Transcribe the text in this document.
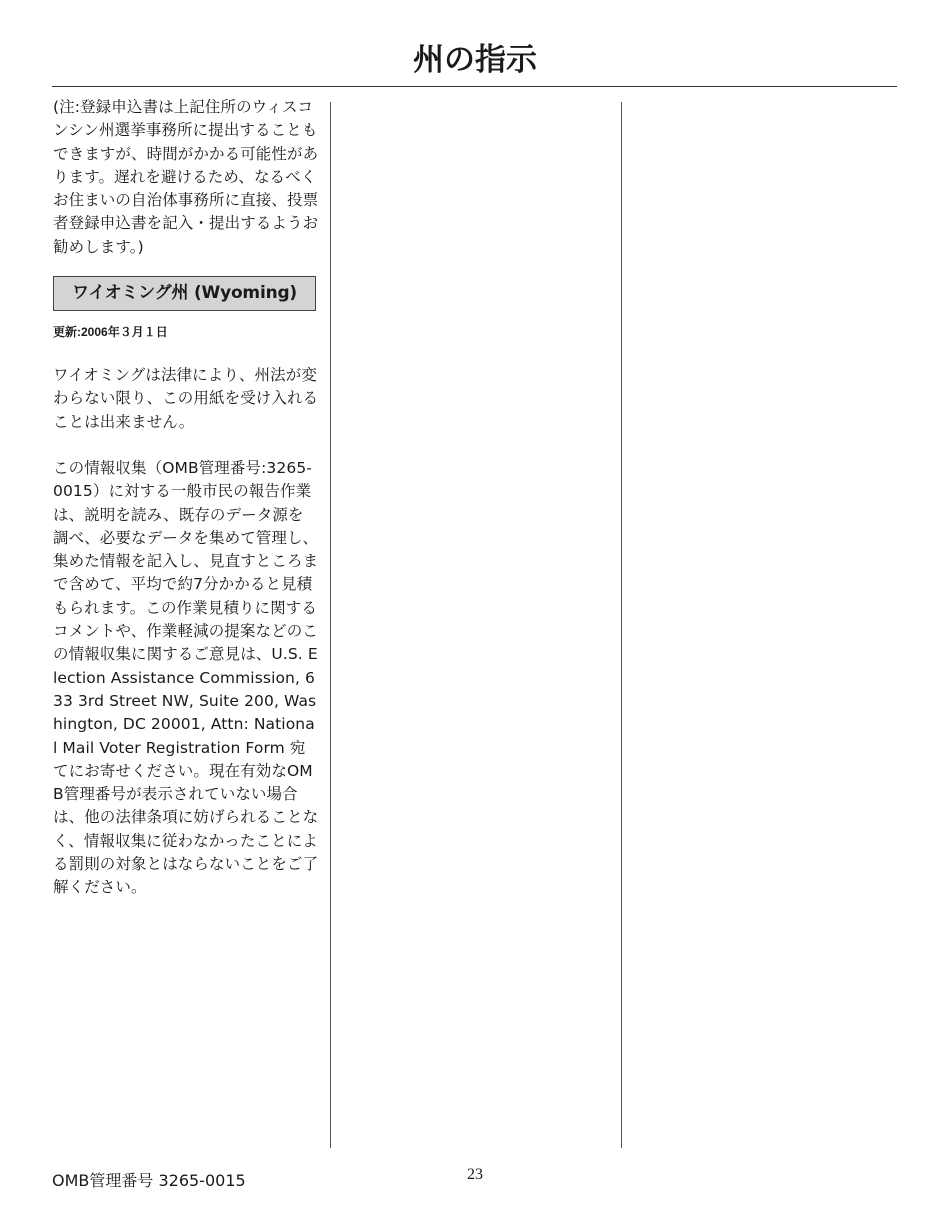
州の指示

(注:登録申込書は上記住所のウィスコンシン州選挙事務所に提出することもできますが、時間がかかる可能性があります。遅れを避けるため、なるべくお住まいの自治体事務所に直接、投票者登録申込書を記入・提出するようお勧めします。)

ワイオミング州 (Wyoming)

更新:2006年３月１日

ワイオミングは法律により、州法が変わらない限り、この用紙を受け入れることは出来ません。

この情報収集（OMB管理番号:3265-0015）に対する一般市民の報告作業は、説明を読み、既存のデータ源を調べ、必要なデータを集めて管理し、集めた情報を記入し、見直すところまで含めて、平均で約7分かかると見積もられます。この作業見積りに関するコメントや、作業軽減の提案などのこの情報収集に関するご意見は、U.S. Election Assistance Commission, 633 3rd Street NW, Suite 200, Washington, DC 20001, Attn: National Mail Voter Registration Form 宛てにお寄せください。現在有効なOMB管理番号が表示されていない場合は、他の法律条項に妨げられることなく、情報収集に従わなかったことによる罰則の対象とはならないことをご了解ください。

OMB管理番号 3265-0015	23
